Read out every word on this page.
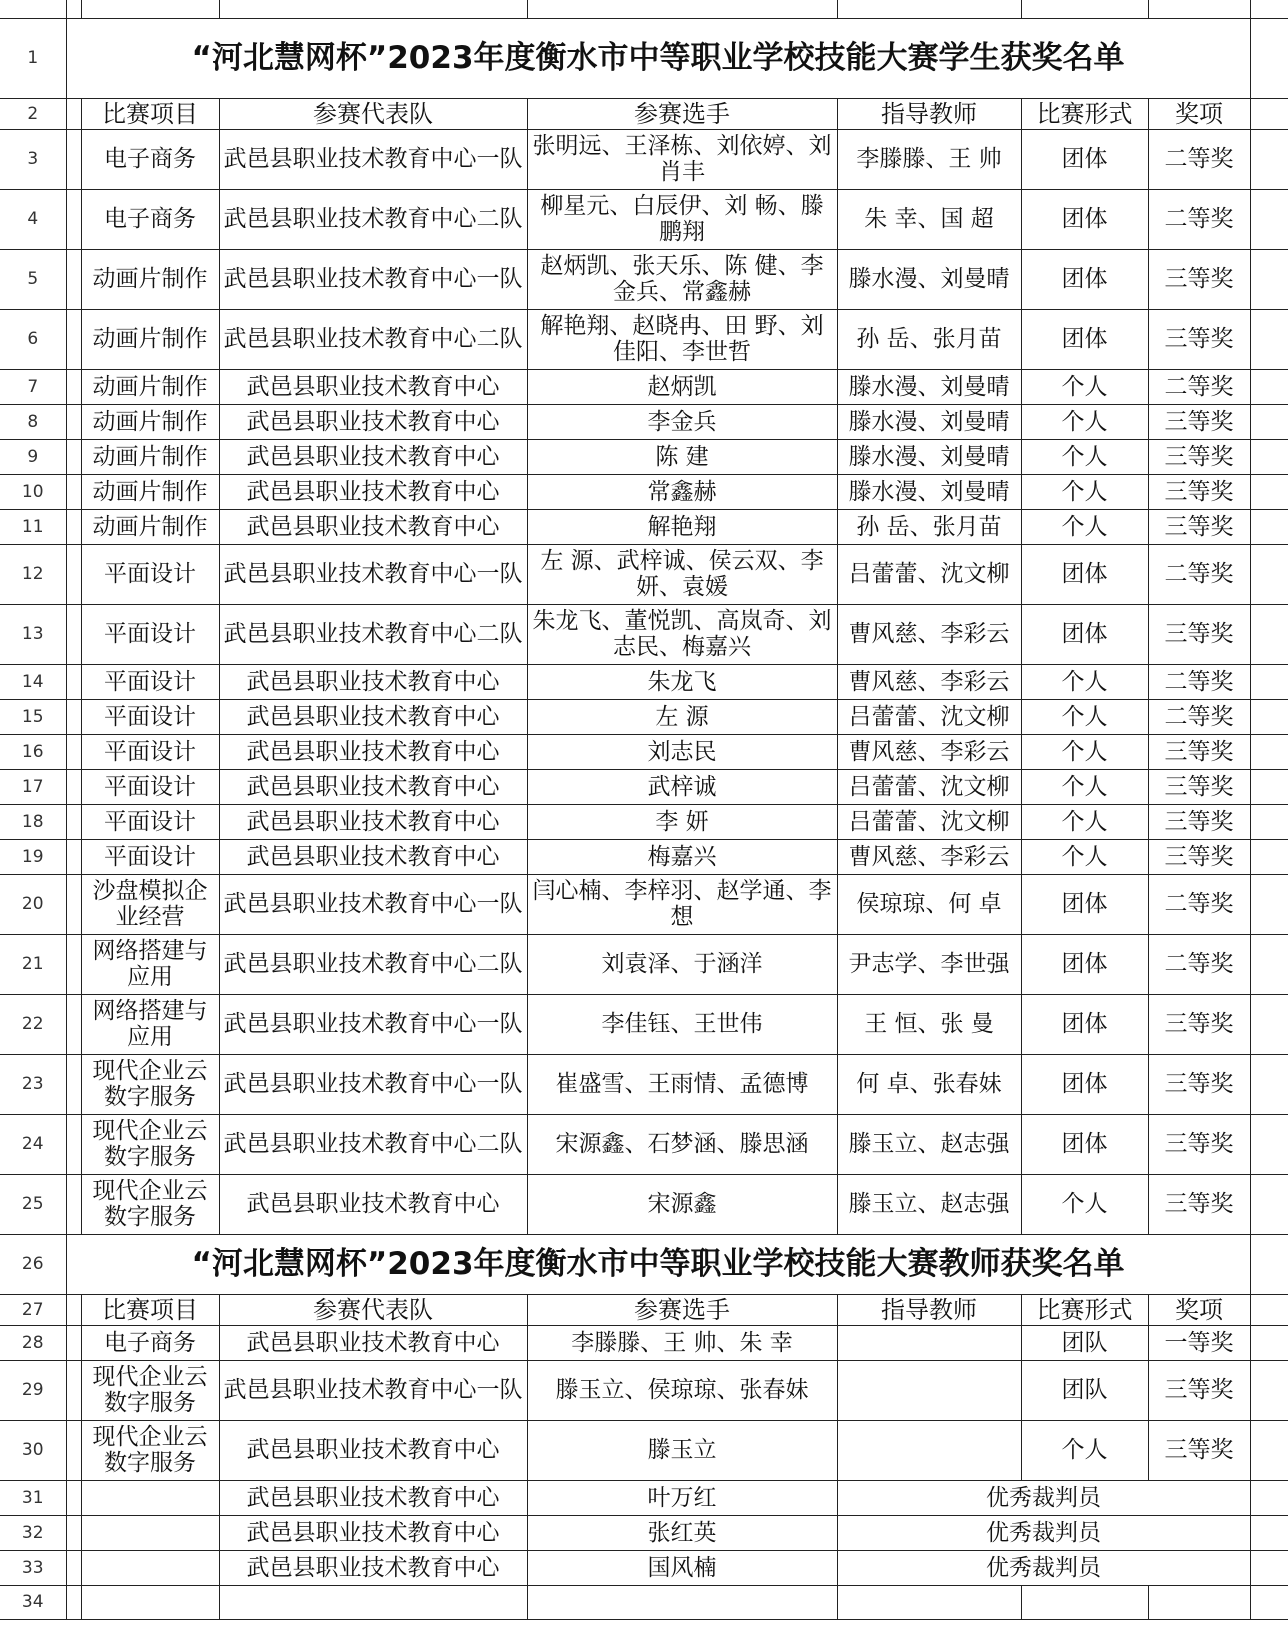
1	“河北慧网杯”2023年度衡水市中等职业学校技能大赛学生获奖名单							
2		比赛项目	参赛代表队	参赛选手	指导教师	比赛形式	奖项	
3		电子商务	武邑县职业技术教育中心一队	张明远、王泽栋、刘依婷、刘肖丰	李滕滕、王 帅	团体	二等奖	
4		电子商务	武邑县职业技术教育中心二队	柳星元、白辰伊、刘 畅、滕鹏翔	朱 幸、国 超	团体	二等奖	
5		动画片制作	武邑县职业技术教育中心一队	赵炳凯、张天乐、陈 健、李金兵、常鑫赫	滕水漫、刘曼晴	团体	三等奖	
6		动画片制作	武邑县职业技术教育中心二队	解艳翔、赵晓冉、田 野、刘佳阳、李世哲	孙 岳、张月苗	团体	三等奖	
7		动画片制作	武邑县职业技术教育中心	赵炳凯	滕水漫、刘曼晴	个人	二等奖	
8		动画片制作	武邑县职业技术教育中心	李金兵	滕水漫、刘曼晴	个人	三等奖	
9		动画片制作	武邑县职业技术教育中心	陈 建	滕水漫、刘曼晴	个人	三等奖	
10		动画片制作	武邑县职业技术教育中心	常鑫赫	滕水漫、刘曼晴	个人	三等奖	
11		动画片制作	武邑县职业技术教育中心	解艳翔	孙 岳、张月苗	个人	三等奖	
12		平面设计	武邑县职业技术教育中心一队	左 源、武梓诚、侯云双、李妍、袁媛	吕蕾蕾、沈文柳	团体	二等奖	
13		平面设计	武邑县职业技术教育中心二队	朱龙飞、董悦凯、高岚奇、刘志民、梅嘉兴	曹风慈、李彩云	团体	三等奖	
14		平面设计	武邑县职业技术教育中心	朱龙飞	曹风慈、李彩云	个人	二等奖	
15		平面设计	武邑县职业技术教育中心	左 源	吕蕾蕾、沈文柳	个人	二等奖	
16		平面设计	武邑县职业技术教育中心	刘志民	曹风慈、李彩云	个人	三等奖	
17		平面设计	武邑县职业技术教育中心	武梓诚	吕蕾蕾、沈文柳	个人	三等奖	
18		平面设计	武邑县职业技术教育中心	李 妍	吕蕾蕾、沈文柳	个人	三等奖	
19		平面设计	武邑县职业技术教育中心	梅嘉兴	曹风慈、李彩云	个人	三等奖	
20		沙盘模拟企业经营	武邑县职业技术教育中心一队	闫心楠、李梓羽、赵学通、李 想	侯琼琼、何 卓	团体	二等奖	
21		网络搭建与应用	武邑县职业技术教育中心二队	刘袁泽、于涵洋	尹志学、李世强	团体	二等奖	
22		网络搭建与应用	武邑县职业技术教育中心一队	李佳钰、王世伟	王 恒、张 曼	团体	三等奖	
23		现代企业云数字服务	武邑县职业技术教育中心一队	崔盛雪、王雨情、孟德博	何 卓、张春妹	团体	三等奖	
24		现代企业云数字服务	武邑县职业技术教育中心二队	宋源鑫、石梦涵、滕思涵	滕玉立、赵志强	团体	三等奖	
25		现代企业云数字服务	武邑县职业技术教育中心	宋源鑫	滕玉立、赵志强	个人	三等奖	
26	“河北慧网杯”2023年度衡水市中等职业学校技能大赛教师获奖名单							
27		比赛项目	参赛代表队	参赛选手	指导教师	比赛形式	奖项	
28		电子商务	武邑县职业技术教育中心	李滕滕、王 帅、朱 幸		团队	一等奖	
29		现代企业云数字服务	武邑县职业技术教育中心一队	滕玉立、侯琼琼、张春妹		团队	三等奖	
30		现代企业云数字服务	武邑县职业技术教育中心	滕玉立		个人	三等奖	
31			武邑县职业技术教育中心	叶万红	优秀裁判员			
32			武邑县职业技术教育中心	张红英	优秀裁判员			
33			武邑县职业技术教育中心	国风楠	优秀裁判员			
34								
